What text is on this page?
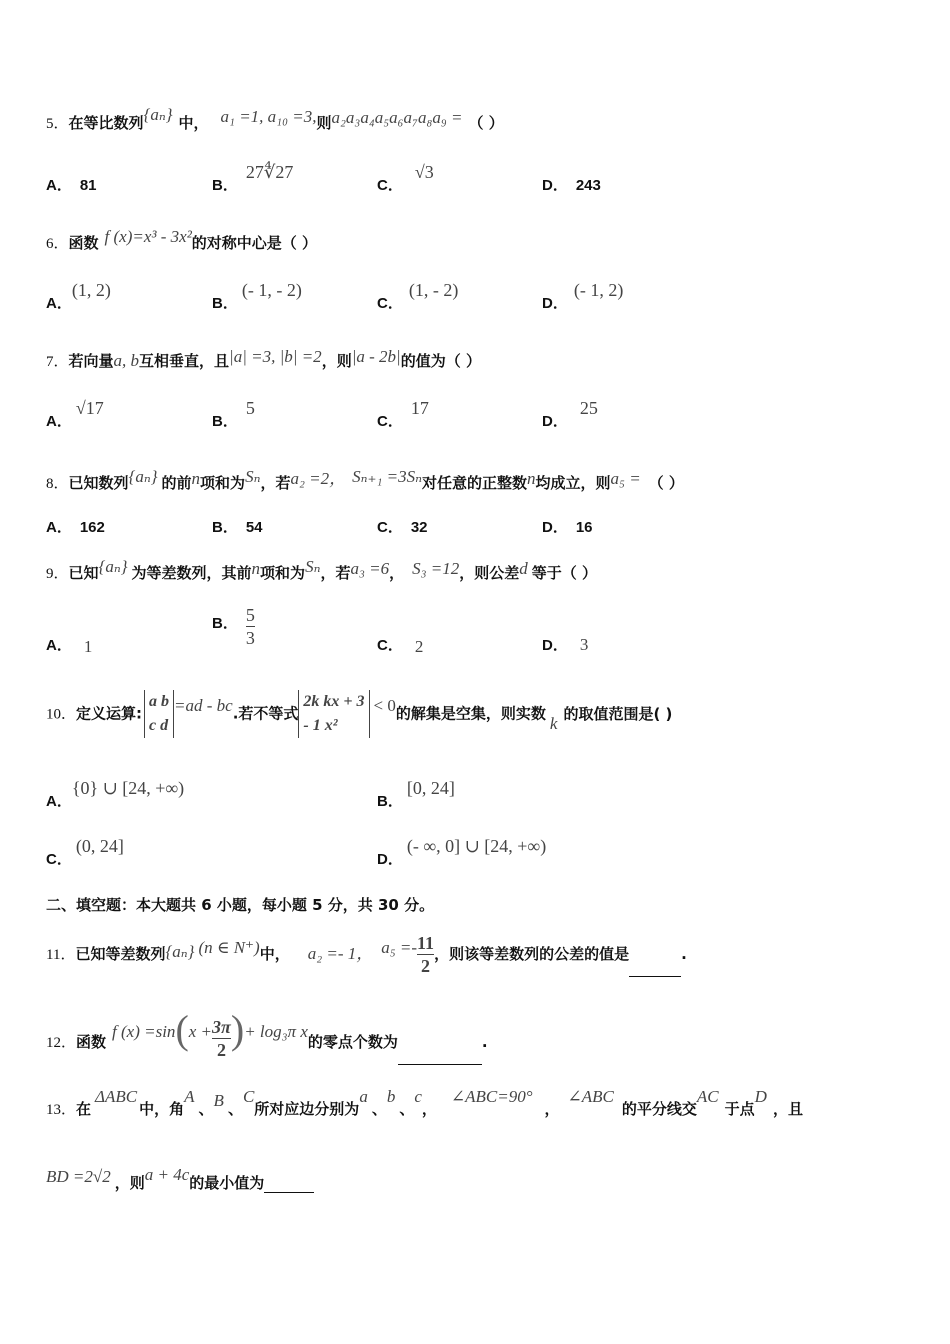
5．在等比数列{aₙ} 中， a₁ =1, a₁₀ =3,则a₂a₃a₄a₅a₆a₇a₈a₉ = （ ）
A． 81	B．27∜27
C．√3
D． 243
6．函数 f (x)=x³ - 3x²的对称中心是（ ）
A．(1, 2)
B．(- 1, - 2)
C．(1, - 2)
D．(- 1, 2)
7．若向量a, b互相垂直，且|a| =3, |b| =2，则|a - 2b|的值为（ ）
A．√17
B．5
C．17
D．25
8．已知数列{aₙ} 的前n项和为Sₙ，若a₂ =2， Sₙ₊₁ =3Sₙ对任意的正整数n均成立，则a₅ = （ ）
A． 162	B． 54	C． 32	D． 16
9．已知{aₙ} 为等差数列，其前n项和为Sₙ，若a₃ =6， S₃ =12，则公差d 等于（ ）
A． 1
B． $\frac{5}{3}$	C． 2	D． 3
10．定义运算:
a b
c d
=ad - bc.若不等式
2k kx + 3
- 1 x²
< 0的解集是空集，则实数 k 的取值范围是( )
A．{0} ∪ [24, +∞)
B．[0, 24]
C．(0, 24]
D．(- ∞, 0] ∪ [24, +∞)
二、填空题：本大题共 6 小题，每小题 5 分，共 30 分。
11．已知等差数列{aₙ} (n ∈ N⁺)中， a₂ =- 1， $a_5 =- \frac{11}{2}$ ，则该等差数列的公差的值是	.
12．函数f $(x) =\sin(x + \frac{3\pi}{2}$ )+ log₃π x的零点个数为	.
13．在ΔABC中，角A、B 、C所对应边分别为a、b、c，∠ABC=90°，∠ABC的平分线交AC于点D，且
BD =2√2 ，则a + 4c的最小值为
